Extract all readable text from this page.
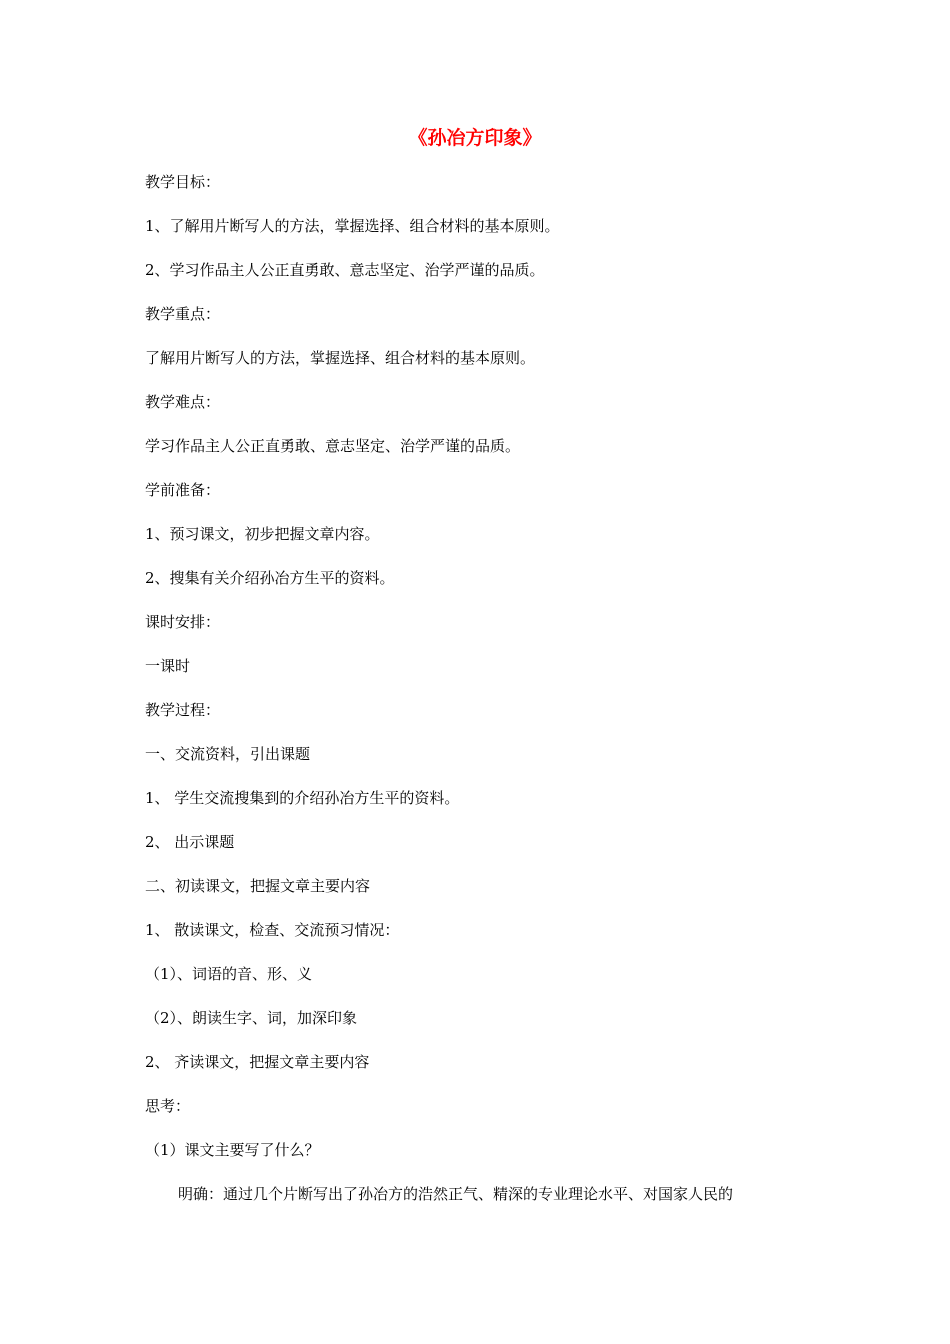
《孙冶方印象》
教学目标：
1、了解用片断写人的方法，掌握选择、组合材料的基本原则。
2、学习作品主人公正直勇敢、意志坚定、治学严谨的品质。
教学重点：
了解用片断写人的方法，掌握选择、组合材料的基本原则。
教学难点：
学习作品主人公正直勇敢、意志坚定、治学严谨的品质。
学前准备：
1、预习课文，初步把握文章内容。
2、搜集有关介绍孙冶方生平的资料。
课时安排：
一课时
教学过程：
一、交流资料，引出课题
1、 学生交流搜集到的介绍孙冶方生平的资料。
2、 出示课题
二、初读课文，把握文章主要内容
1、 散读课文，检查、交流预习情况：
（1）、词语的音、形、义
（2）、朗读生字、词，加深印象
2、 齐读课文，把握文章主要内容
思考：
（1）课文主要写了什么？
明确：通过几个片断写出了孙冶方的浩然正气、精深的专业理论水平、对国家人民的
